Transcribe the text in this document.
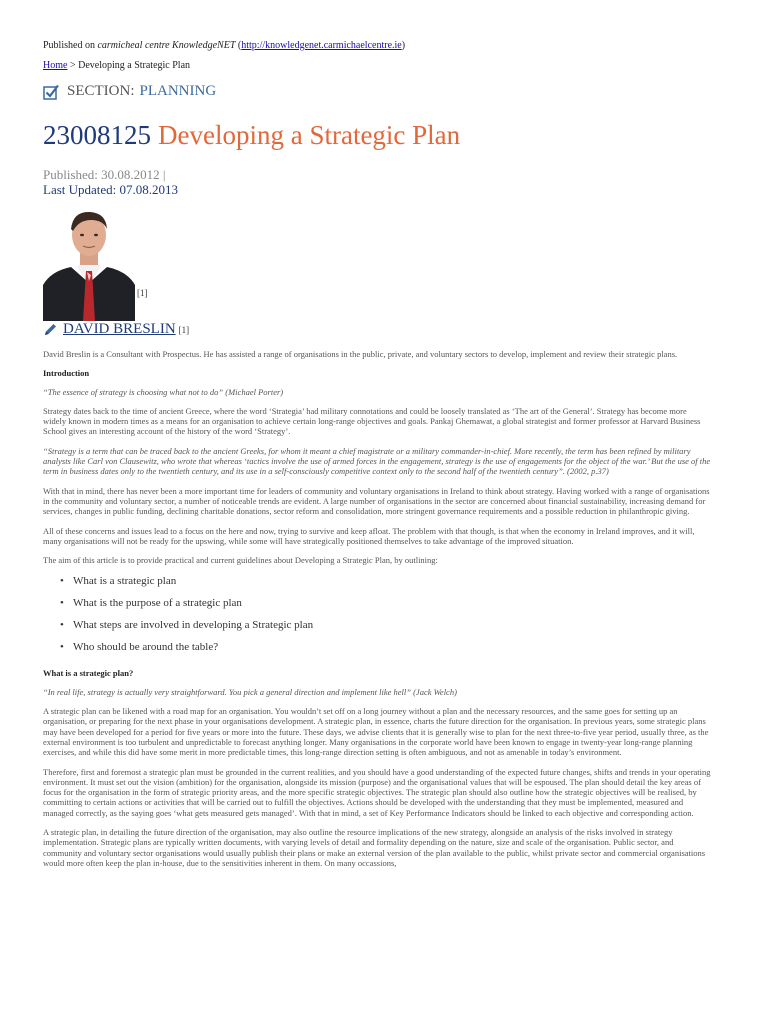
Published on carmicheal centre KnowledgeNET (http://knowledgenet.carmichaelcentre.ie)
Home > Developing a Strategic Plan
SECTION: PLANNING
23008125 Developing a Strategic Plan
Published: 30.08.2012 |
Last Updated: 07.08.2013
[1]
DAVID BRESLIN [1]

David Breslin is a Consultant with Prospectus. He has assisted a range of organisations in the public, private, and voluntary sectors to develop, implement and review their strategic plans.

Introduction

“The essence of strategy is choosing what not to do” (Michael Porter)

Strategy dates back to the time of ancient Greece, where the word ‘Strategia’ had military connotations and could be loosely translated as ‘The art of the General’. Strategy has become more widely known in modern times as a means for an organisation to achieve certain long-range objectives and goals. Pankaj Ghemawat, a global strategist and former professor at Harvard Business School gives an interesting account of the history of the word ‘Strategy’.

“Strategy is a term that can be traced back to the ancient Greeks, for whom it meant a chief magistrate or a military commander-in-chief. More recently, the term has been refined by military analysts like Carl von Clausewitz, who wrote that whereas ‘tactics involve the use of armed forces in the engagement, strategy is the use of engagements for the object of the war.’ But the use of the term in business dates only to the twentieth century, and its use in a self-consciously competitive context only to the second half of the twentieth century”. (2002, p.37)

With that in mind, there has never been a more important time for leaders of community and voluntary organisations in Ireland to think about strategy. Having worked with a range of organisations in the community and voluntary sector, a number of noticeable trends are evident. A large number of organisations in the sector are concerned about financial sustainability, increasing demand for services, changes in public funding, declining charitable donations, sector reform and consolidation, more stringent governance requirements and a possible reduction in philanthropic giving.

All of these concerns and issues lead to a focus on the here and now, trying to survive and keep afloat. The problem with that though, is that when the economy in Ireland improves, and it will, many organisations will not be ready for the upswing, while some will have strategically positioned themselves to take advantage of the improved situation.

The aim of this article is to provide practical and current guidelines about Developing a Strategic Plan, by outlining:

• What is a strategic plan
• What is the purpose of a strategic plan
• What steps are involved in developing a Strategic plan
• Who should be around the table?

What is a strategic plan?

“In real life, strategy is actually very straightforward. You pick a general direction and implement like hell” (Jack Welch)

A strategic plan can be likened with a road map for an organisation. You wouldn’t set off on a long journey without a plan and the necessary resources, and the same goes for setting up an organisation, or preparing for the next phase in your organisations development. A strategic plan, in essence, charts the future direction for the organisation. In previous years, some strategic plans may have been developed for a period for five years or more into the future. These days, we advise clients that it is generally wise to plan for the next three-to-five year period, usually three, as the external environment is too turbulent and unpredictable to forecast anything longer. Many organisations in the corporate world have been known to engage in twenty-year long-range planning exercises, and while this did have some merit in more predictable times, this long-range direction setting is often ambiguous, and not as amenable in today’s environment.

Therefore, first and foremost a strategic plan must be grounded in the current realities, and you should have a good understanding of the expected future changes, shifts and trends in your operating environment. It must set out the vision (ambition) for the organisation, alongside its mission (purpose) and the organisational values that will be espoused. The plan should detail the key areas of focus for the organisation in the form of strategic priority areas, and the more specific strategic objectives. The strategic plan should also outline how the strategic objectives will be realised, by committing to certain actions or activities that will be carried out to fulfill the objectives. Actions should be developed with the understanding that they must be implemented, measured and managed correctly, as the saying goes ‘what gets measured gets managed’. With that in mind, a set of Key Performance Indicators should be linked to each objective and corresponding action.

A strategic plan, in detailing the future direction of the organisation, may also outline the resource implications of the new strategy, alongside an analysis of the risks involved in strategy implementation. Strategic plans are typically written documents, with varying levels of detail and formality depending on the nature, size and scale of the organisation. Public sector, and community and voluntary sector organisations would usually publish their plans or make an external version of the plan available to the public, whilst private sector and commercial organisations would more often keep the plan in-house, due to the sensitivities inherent in them. On many occassions,
